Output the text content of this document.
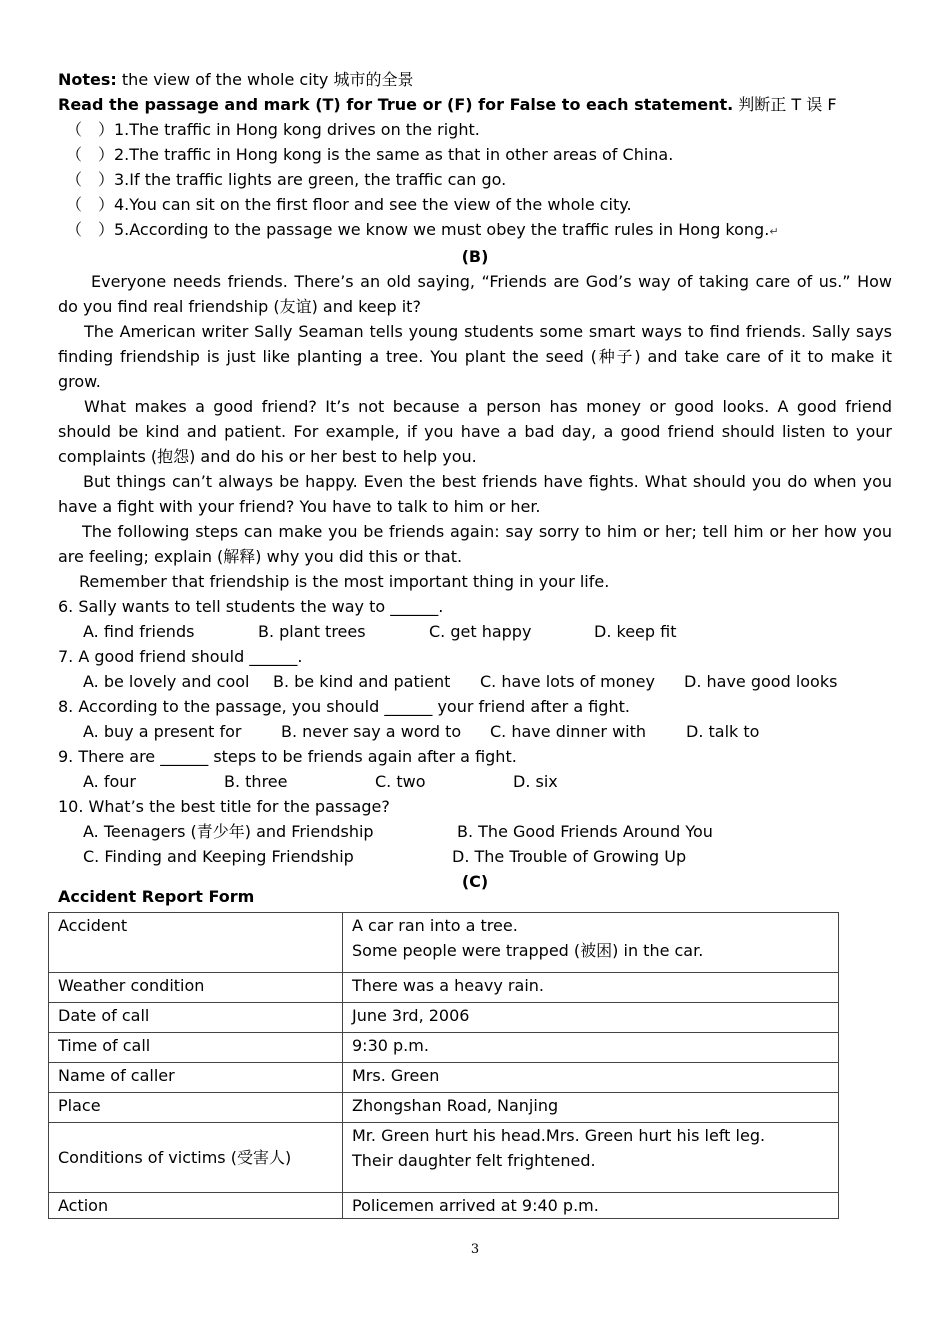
Notes: the view of the whole city 城市的全景
Read the passage and mark (T) for True or (F) for False to each statement. 判断正 T 误 F
（　）1.The traffic in Hong kong drives on the right.
（　）2.The traffic in Hong kong is the same as that in other areas of China.
（　）3.If the traffic lights are green, the traffic can go.
（　）4.You can sit on the first floor and see the view of the whole city.
（　）5.According to the passage we know we must obey the traffic rules in Hong kong.↵
(B)
Everyone needs friends. There’s an old saying, “Friends are God’s way of taking care of us.” How do you find real friendship (友谊) and keep it?
The American writer Sally Seaman tells young students some smart ways to find friends. Sally says finding friendship is just like planting a tree. You plant the seed (种子) and take care of it to make it grow.
What makes a good friend? It’s not because a person has money or good looks. A good friend should be kind and patient. For example, if you have a bad day, a good friend should listen to your complaints (抱怨) and do his or her best to help you.
But things can’t always be happy. Even the best friends have fights. What should you do when you have a fight with your friend? You have to talk to him or her.
The following steps can make you be friends again: say sorry to him or her; tell him or her how you are feeling; explain (解释) why you did this or that.
Remember that friendship is the most important thing in your life.
6. Sally wants to tell students the way to ______.
A. find friends	B. plant trees	C. get happy	D. keep fit
7. A good friend should ______.
A. be lovely and cool B. be kind and patient C. have lots of money D. have good looks
8. According to the passage, you should ______ your friend after a fight.
A. buy a present for B. never say a word to C. have dinner with D. talk to
9. There are ______ steps to be friends again after a fight.
A. four	B. three	C. two	D. six
10. What’s the best title for the passage?
A. Teenagers (青少年) and Friendship	B. The Good Friends Around You
C. Finding and Keeping Friendship	D. The Trouble of Growing Up
(C)
Accident Report Form
Accident	A car ran into a tree.
Some people were trapped (被困) in the car.

Weather condition	There was a heavy rain.
Date of call	June 3rd, 2006
Time of call	9:30 p.m.
Name of caller	Mrs. Green
Place	Zhongshan Road, Nanjing
Conditions of victims (受害人)	Mr. Green hurt his head.Mrs. Green hurt his left leg.
Their daughter felt frightened.

Action	Policemen arrived at 9:40 p.m.
3
